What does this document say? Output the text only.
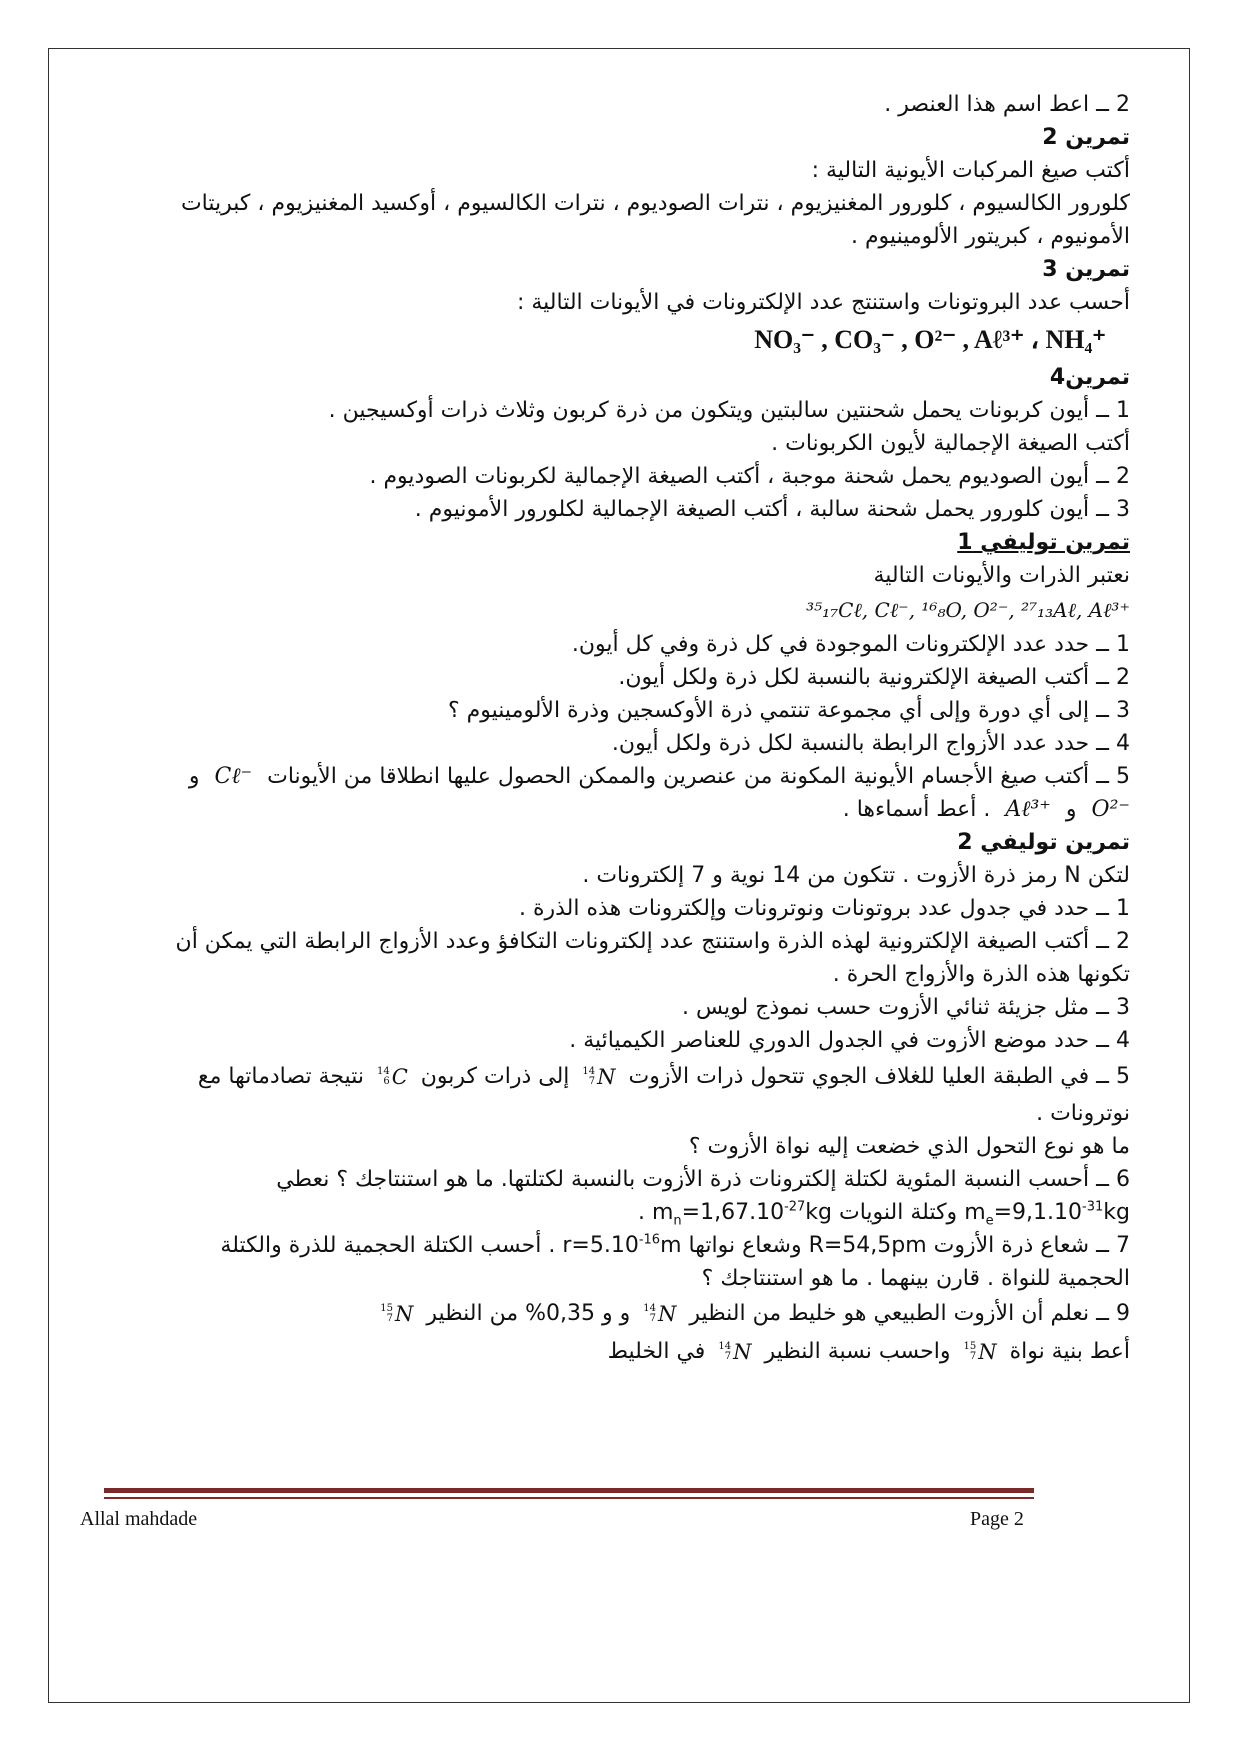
2 ــ اعط اسم هذا العنصر .

تمرين 2

أكتب صيغ المركبات الأيونية التالية :

كلورور الكالسيوم ، كلورور المغنيزيوم ، نترات الصوديوم ، نترات الكالسيوم ، أوكسيد المغنيزيوم ، كبريتات

الأمونيوم ، كبريتور الألومينيوم .

تمرين 3

أحسب عدد البروتونات واستنتج عدد الإلكترونات في الأيونات التالية :

NO₃⁻ , CO₃⁻ , O²⁻ , Aℓ³⁺ ، NH₄⁺

تمرين4

1 ــ أيون كربونات يحمل شحنتين سالبتين ويتكون من ذرة كربون وثلاث ذرات أوكسيجين .

أكتب الصيغة الإجمالية لأيون الكربونات .

2 ــ أيون الصوديوم يحمل شحنة موجبة ، أكتب الصيغة الإجمالية لكربونات الصوديوم .

3 ــ أيون كلورور يحمل شحنة سالبة ، أكتب الصيغة الإجمالية لكلورور الأمونيوم .

تمرين توليفي 1

نعتبر الذرات والأيونات التالية

³⁵₁₇Cℓ, Cℓ⁻, ¹⁶₈O, O²⁻, ²⁷₁₃Aℓ, Aℓ³⁺

1 ــ حدد عدد الإلكترونات الموجودة في كل ذرة وفي كل أيون.

2 ــ أكتب الصيغة الإلكترونية بالنسبة لكل ذرة ولكل أيون.

3 ــ إلى أي دورة وإلى أي مجموعة تنتمي ذرة الأوكسجين وذرة الألومينيوم ؟

4 ــ حدد عدد الأزواج الرابطة بالنسبة لكل ذرة ولكل أيون.

5 ــ أكتب صيغ الأجسام الأيونية المكونة من عنصرين والممكن الحصول عليها انطلاقا من الأيونات Cℓ⁻ و

O²⁻ و Aℓ³⁺ . أعط أسماءها .

تمرين توليفي 2

لتكن N رمز ذرة الأزوت . تتكون من 14 نوية و 7 إلكترونات .

1 ــ حدد في جدول عدد بروتونات ونوترونات وإلكترونات هذه الذرة .

2 ــ أكتب الصيغة الإلكترونية لهذه الذرة واستنتج عدد إلكترونات التكافؤ وعدد الأزواج الرابطة التي يمكن أن

تكونها هذه الذرة والأزواج الحرة .

3 ــ مثل جزيئة ثنائي الأزوت حسب نموذج لويس .

4 ــ حدد موضع الأزوت في الجدول الدوري للعناصر الكيميائية .

5 ــ في الطبقة العليا للغلاف الجوي تتحول ذرات الأزوت
14
7 N
إلى ذرات كربون
14
6 C
نتيجة تصادماتها مع

نوترونات .

ما هو نوع التحول الذي خضعت إليه نواة الأزوت ؟

6 ــ أحسب النسبة المئوية لكتلة إلكترونات ذرة الأزوت بالنسبة لكتلتها. ما هو استنتاجك ؟ نعطي

$m_e=9,1.10^{-31}kg$ وكتلة النويات . $m_n=1,67.10^{-27}kg$

7 ــ شعاع ذرة الأزوت R=54,5pm وشعاع نواتها $r=5.10^{-16}m$ . أحسب الكتلة الحجمية للذرة والكتلة

الحجمية للنواة . قارن بينهما . ما هو استنتاجك ؟

9 ــ نعلم أن الأزوت الطبيعي هو خليط من النظير
14
7 N
و و 0,35% من النظير
15
7 N

أعط بنية نواة
15
7 N
واحسب نسبة النظير
14
7 N
في الخليط

Allal mahdade	Page 2
